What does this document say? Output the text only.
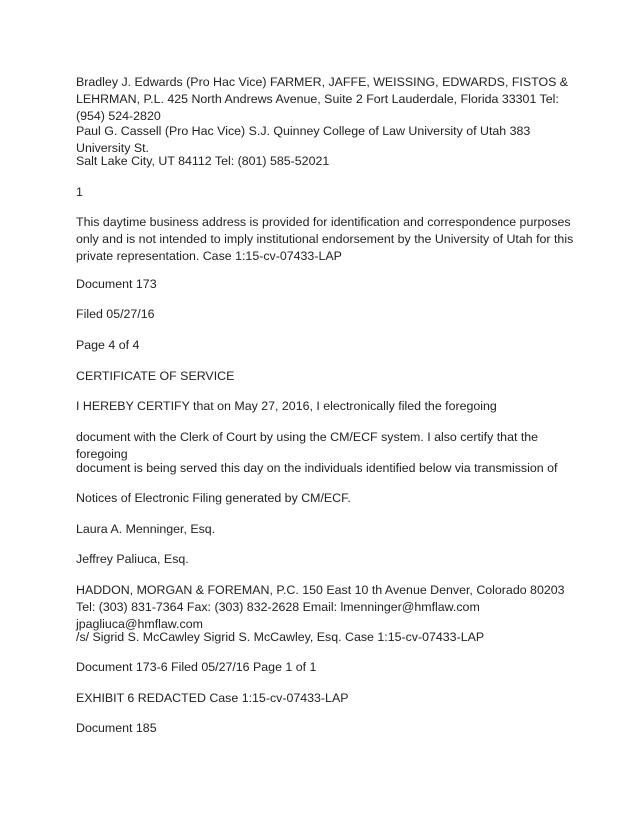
Bradley J. Edwards (Pro Hac Vice) FARMER, JAFFE, WEISSING, EDWARDS, FISTOS & LEHRMAN, P.L. 425 North Andrews Avenue, Suite 2 Fort Lauderdale, Florida 33301 Tel: (954) 524-2820

Paul G. Cassell (Pro Hac Vice) S.J. Quinney College of Law University of Utah 383 University St.

Salt Lake City, UT 84112 Tel: (801) 585-52021

1

This daytime business address is provided for identification and correspondence purposes only and is not intended to imply institutional endorsement by the University of Utah for this private representation. Case 1:15-cv-07433-LAP

Document 173

Filed 05/27/16

Page 4 of 4

CERTIFICATE OF SERVICE

I HEREBY CERTIFY that on May 27, 2016, I electronically filed the foregoing

document with the Clerk of Court by using the CM/ECF system. I also certify that the foregoing

document is being served this day on the individuals identified below via transmission of

Notices of Electronic Filing generated by CM/ECF.

Laura A. Menninger, Esq.

Jeffrey Paliuca, Esq.

HADDON, MORGAN & FOREMAN, P.C. 150 East 10 th Avenue Denver, Colorado 80203 Tel: (303) 831-7364 Fax: (303) 832-2628 Email: lmenninger@hmflaw.com jpagliuca@hmflaw.com

/s/ Sigrid S. McCawley Sigrid S. McCawley, Esq. Case 1:15-cv-07433-LAP

Document 173-6 Filed 05/27/16 Page 1 of 1

EXHIBIT 6 REDACTED Case 1:15-cv-07433-LAP

Document 185
